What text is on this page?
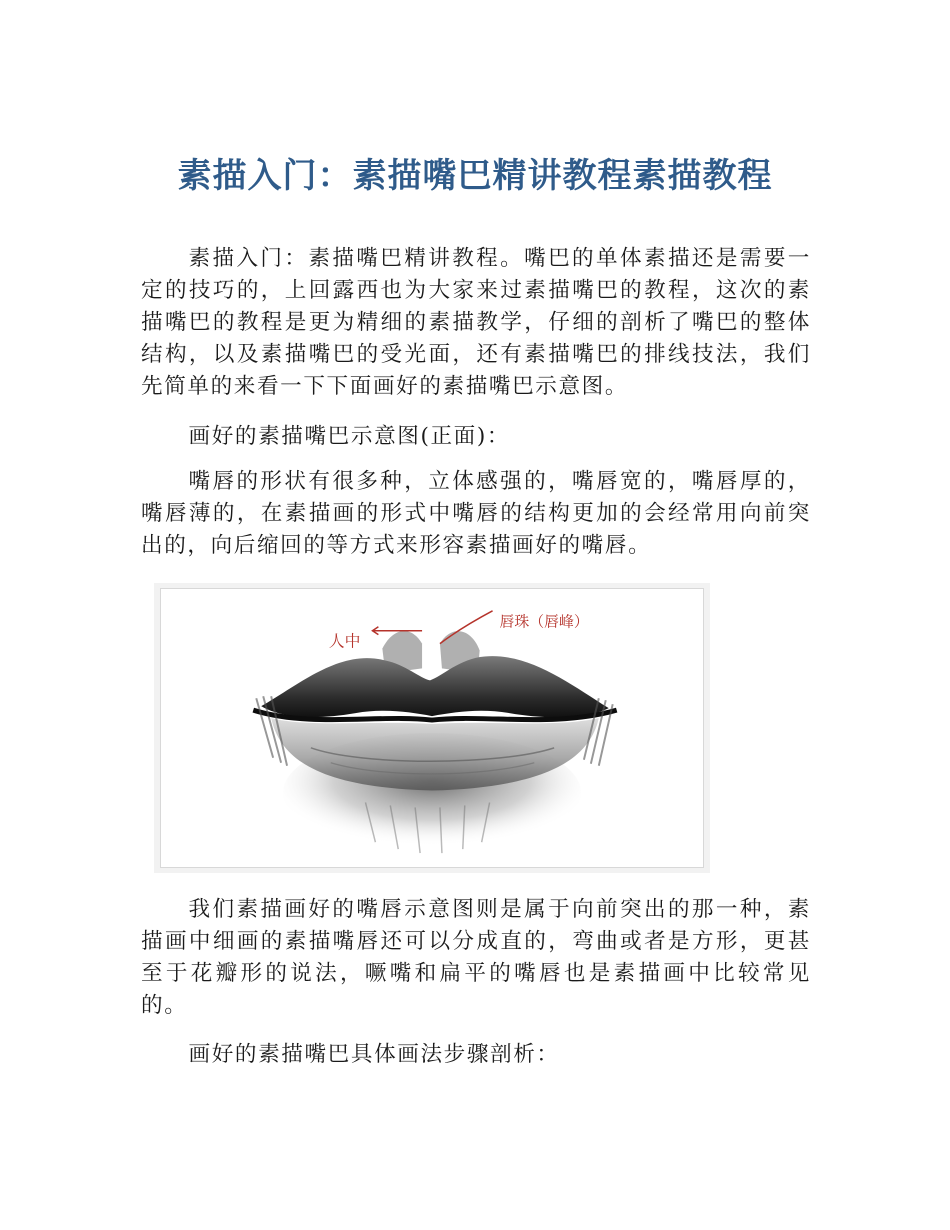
素描入门：素描嘴巴精讲教程素描教程

素描入门：素描嘴巴精讲教程。嘴巴的单体素描还是需要一定的技巧的，上回露西也为大家来过素描嘴巴的教程，这次的素描嘴巴的教程是更为精细的素描教学，仔细的剖析了嘴巴的整体结构，以及素描嘴巴的受光面，还有素描嘴巴的排线技法，我们先简单的来看一下下面画好的素描嘴巴示意图。

画好的素描嘴巴示意图(正面)：

嘴唇的形状有很多种，立体感强的，嘴唇宽的，嘴唇厚的，嘴唇薄的，在素描画的形式中嘴唇的结构更加的会经常用向前突出的，向后缩回的等方式来形容素描画好的嘴唇。

人中
唇珠（唇峰）

我们素描画好的嘴唇示意图则是属于向前突出的那一种，素描画中细画的素描嘴唇还可以分成直的，弯曲或者是方形，更甚至于花瓣形的说法，噘嘴和扁平的嘴唇也是素描画中比较常见的。

画好的素描嘴巴具体画法步骤剖析：
